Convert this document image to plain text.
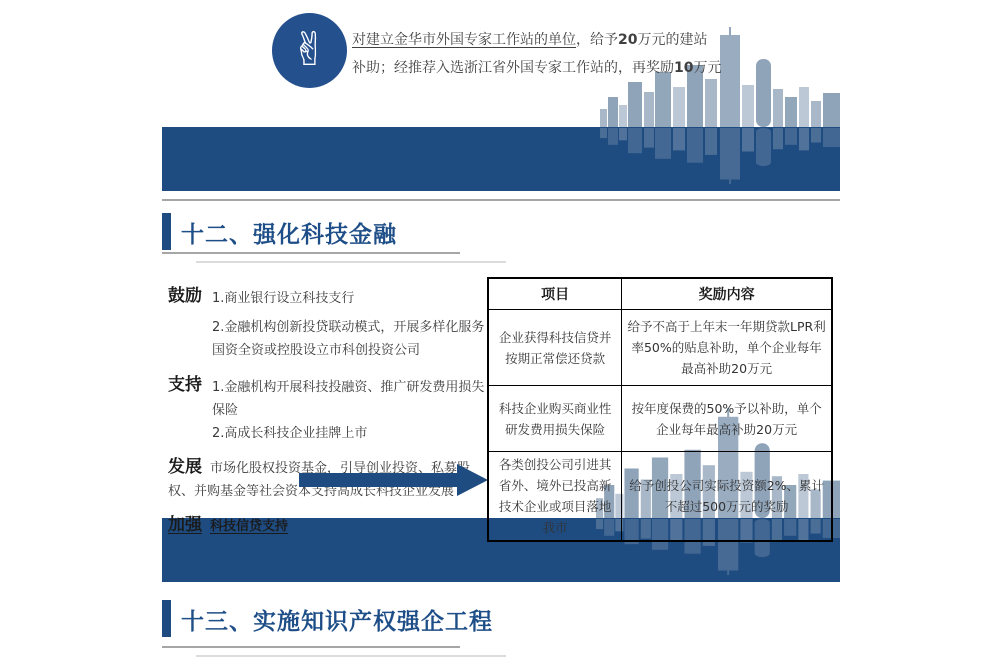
✌ 对建立金华市外国专家工作站的单位，给予20万元的建站
补助；经推荐入选浙江省外国专家工作站的，再奖励10万元
十二、强化科技金融
鼓励 1.商业银行设立科技支行
2.金融机构创新投贷联动模式，开展多样化服务
国资全资或控股设立市科创投资公司
支持 1.金融机构开展科技投融资、推广研发费用损失保险
2.高成长科技企业挂牌上市
发展 市场化股权投资基金，引导创业投资、私募股权、并购基金等社会资本支持高成长科技企业发展
加强 科技信贷支持
项目	奖励内容
企业获得科技信贷并按期正常偿还贷款	给予不高于上年末一年期贷款LPR利率50%的贴息补助，单个企业每年最高补助20万元
科技企业购买商业性研发费用损失保险	按年度保费的50%予以补助，单个企业每年最高补助20万元
各类创投公司引进其省外、境外已投高新技术企业或项目落地我市	给予创投公司实际投资额2%、累计不超过500万元的奖励
十三、实施知识产权强企工程
